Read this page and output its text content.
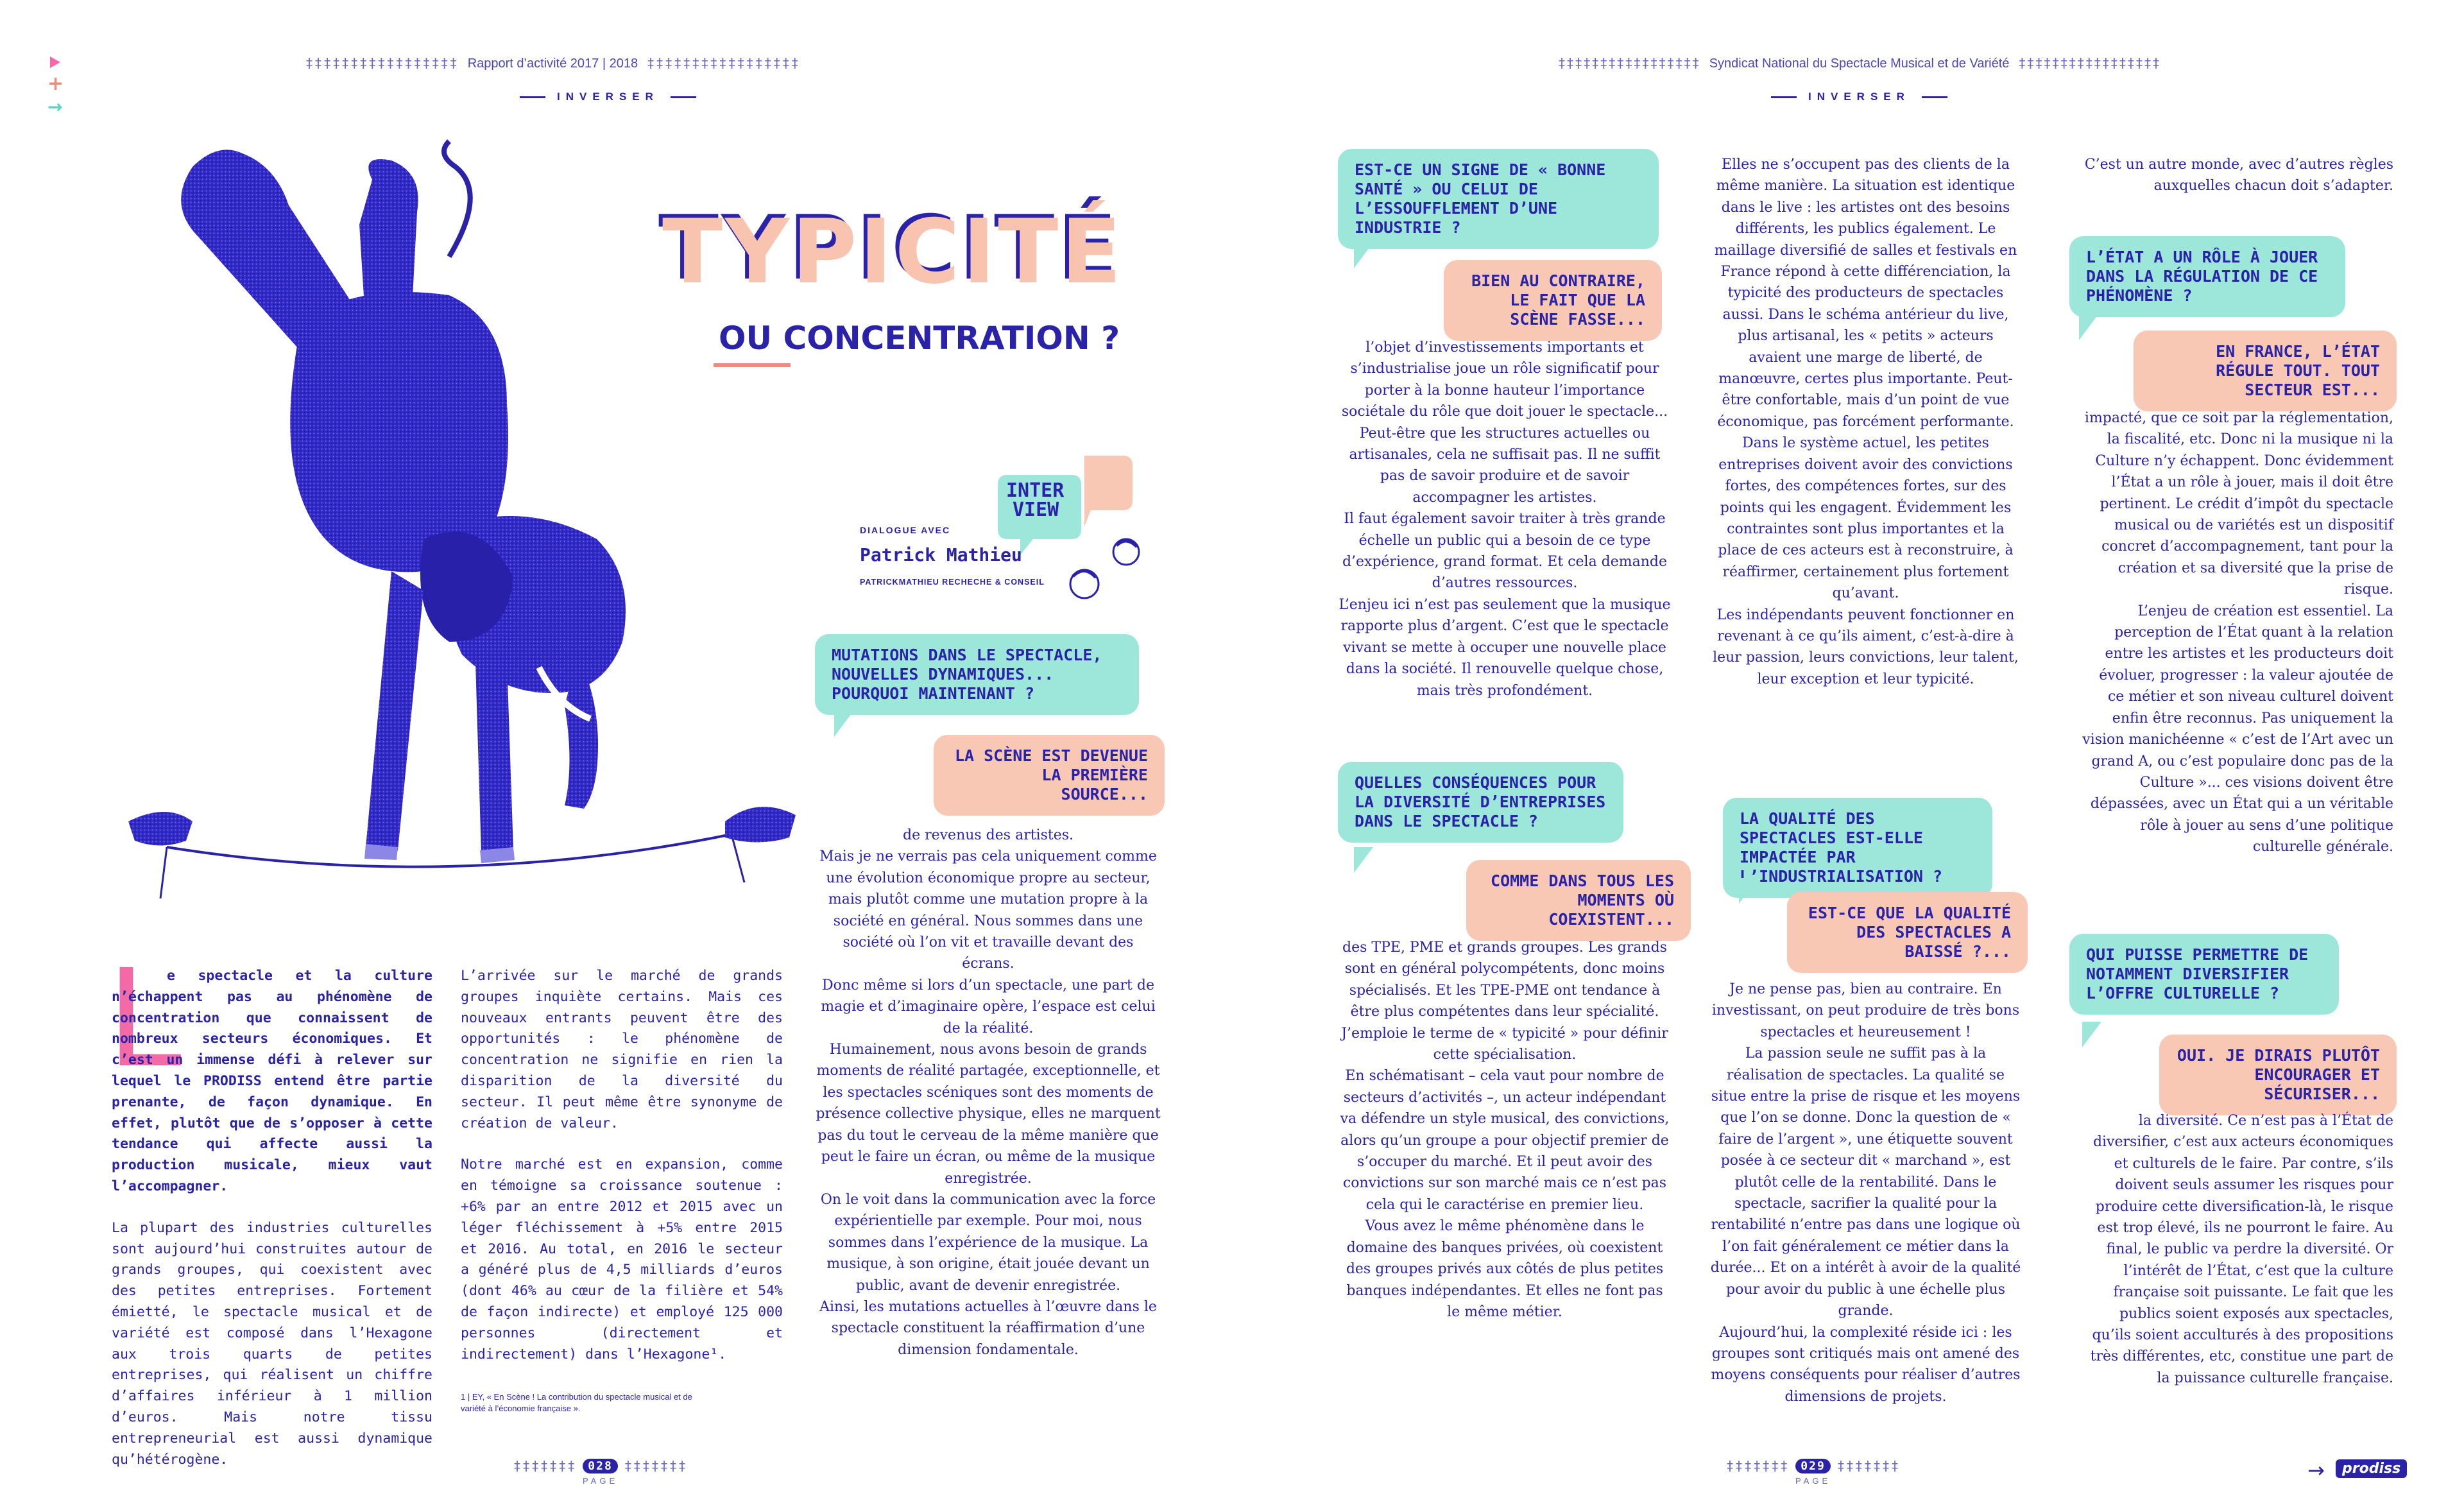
+
→
‡‡‡‡‡‡‡‡‡‡‡‡‡‡‡‡‡ Rapport d’activité 2017 | 2018 ‡‡‡‡‡‡‡‡‡‡‡‡‡‡‡‡‡	‡‡‡‡‡‡‡‡‡‡‡‡‡‡‡‡‡ Syndicat National du Spectacle Musical et de Variété ‡‡‡‡‡‡‡‡‡‡‡‡‡‡‡‡‡
INVERSER	INVERSER
TYPICITÉ
OU CONCENTRATION ?
INTER
VIEW
DIALOGUE AVEC
Patrick Mathieu
PATRICKMATHIEU RECHECHE & CONSEIL
L

e spectacle et la culture n’échappent pas au phénomène de concentration que connaissent de nombreux secteurs économiques. Et c’est un immense défi à relever sur lequel le PRODISS entend être partie prenante, de façon dynamique. En effet, plutôt que de s’opposer à cette tendance qui affecte aussi la production musicale, mieux vaut l’accompagner.

La plupart des industries culturelles sont aujourd’hui construites autour de grands groupes, qui coexistent avec des petites entreprises. Fortement émietté, le spectacle musical et de variété est composé dans l’Hexagone aux trois quarts de petites entreprises, qui réalisent un chiffre d’affaires inférieur à 1 million d’euros. Mais notre tissu entrepreneurial est aussi dynamique qu’hétérogène.

L’arrivée sur le marché de grands groupes inquiète certains. Mais ces nouveaux entrants peuvent être des opportunités : le phénomène de concentration ne signifie en rien la disparition de la diversité du secteur. Il peut même être synonyme de création de valeur.

Notre marché est en expansion, comme en témoigne sa croissance soutenue : +6% par an entre 2012 et 2015 avec un léger fléchissement à +5% entre 2015 et 2016. Au total, en 2016 le secteur a généré plus de 4,5 milliards d’euros (dont 46% au cœur de la filière et 54% de façon indirecte) et employé 125 000 personnes (directement et indirectement) dans l’Hexagone¹.

1 | EY, « En Scène ! La contribution du spectacle musical et de variété à l’économie française ».
MUTATIONS DANS LE SPECTACLE, NOUVELLES DYNAMIQUES... POURQUOI MAINTENANT ?
LA SCÈNE EST DEVENUE LA PREMIÈRE SOURCE...
EST-CE UN SIGNE DE « BONNE SANTÉ » OU CELUI DE L’ESSOUFFLEMENT D’UNE INDUSTRIE ?
BIEN AU CONTRAIRE, LE FAIT QUE LA SCÈNE FASSE...
QUELLES CONSÉQUENCES POUR LA DIVERSITÉ D’ENTREPRISES DANS LE SPECTACLE ?
COMME DANS TOUS LES MOMENTS OÙ COEXISTENT...
LA QUALITÉ DES SPECTACLES EST-ELLE IMPACTÉE PAR L’INDUSTRIALISATION ?
EST-CE QUE LA QUALITÉ DES SPECTACLES A BAISSÉ ?...
L’ÉTAT A UN RÔLE À JOUER DANS LA RÉGULATION DE CE PHÉNOMÈNE ?
EN FRANCE, L’ÉTAT RÉGULE TOUT. TOUT SECTEUR EST...
QUI PUISSE PERMETTRE DE NOTAMMENT DIVERSIFIER L’OFFRE CULTURELLE ?
OUI. JE DIRAIS PLUTÔT ENCOURAGER ET SÉCURISER...

de revenus des artistes.

Mais je ne verrais pas cela uniquement comme une évolution économique propre au secteur, mais plutôt comme une mutation propre à la société en général. Nous sommes dans une société où l’on vit et travaille devant des écrans.

Donc même si lors d’un spectacle, une part de magie et d’imaginaire opère, l’espace est celui de la réalité.

Humainement, nous avons besoin de grands moments de réalité partagée, exceptionnelle, et les spectacles scéniques sont des moments de présence collective physique, elles ne marquent pas du tout le cerveau de la même manière que peut le faire un écran, ou même de la musique enregistrée.

On le voit dans la communication avec la force expérientielle par exemple. Pour moi, nous sommes dans l’expérience de la musique. La musique, à son origine, était jouée devant un public, avant de devenir enregistrée.

Ainsi, les mutations actuelles à l’œuvre dans le spectacle constituent la réaffirmation d’une dimension fondamentale.

l’objet d’investissements importants et s’industrialise joue un rôle significatif pour porter à la bonne hauteur l’importance sociétale du rôle que doit jouer le spectacle... Peut-être que les structures actuelles ou artisanales, cela ne suffisait pas. Il ne suffit pas de savoir produire et de savoir accompagner les artistes.

Il faut également savoir traiter à très grande échelle un public qui a besoin de ce type d’expérience, grand format. Et cela demande d’autres ressources.

L’enjeu ici n’est pas seulement que la musique rapporte plus d’argent. C’est que le spectacle vivant se mette à occuper une nouvelle place dans la société. Il renouvelle quelque chose, mais très profondément.

Elles ne s’occupent pas des clients de la même manière. La situation est identique dans le live : les artistes ont des besoins différents, les publics également. Le maillage diversifié de salles et festivals en France répond à cette différenciation, la typicité des producteurs de spectacles aussi. Dans le schéma antérieur du live, plus artisanal, les « petits » acteurs avaient une marge de liberté, de manœuvre, certes plus importante. Peut-être confortable, mais d’un point de vue économique, pas forcément performante. Dans le système actuel, les petites entreprises doivent avoir des convictions fortes, des compétences fortes, sur des points qui les engagent. Évidemment les contraintes sont plus importantes et la place de ces acteurs est à reconstruire, à réaffirmer, certainement plus fortement qu’avant.

Les indépendants peuvent fonctionner en revenant à ce qu’ils aiment, c’est-à-dire à leur passion, leurs convictions, leur talent, leur exception et leur typicité.

des TPE, PME et grands groupes. Les grands sont en général polycompétents, donc moins spécialisés. Et les TPE-PME ont tendance à être plus compétentes dans leur spécialité. J’emploie le terme de « typicité » pour définir cette spécialisation.

En schématisant – cela vaut pour nombre de secteurs d’activités –, un acteur indépendant va défendre un style musical, des convictions, alors qu’un groupe a pour objectif premier de s’occuper du marché. Et il peut avoir des convictions sur son marché mais ce n’est pas cela qui le caractérise en premier lieu.

Vous avez le même phénomène dans le domaine des banques privées, où coexistent des groupes privés aux côtés de plus petites banques indépendantes. Et elles ne font pas le même métier.

Je ne pense pas, bien au contraire. En investissant, on peut produire de très bons spectacles et heureusement !

La passion seule ne suffit pas à la réalisation de spectacles. La qualité se situe entre la prise de risque et les moyens que l’on se donne. Donc la question de « faire de l’argent », une étiquette souvent posée à ce secteur dit « marchand », est plutôt celle de la rentabilité. Dans le spectacle, sacrifier la qualité pour la rentabilité n’entre pas dans une logique où l’on fait généralement ce métier dans la durée... Et on a intérêt à avoir de la qualité pour avoir du public à une échelle plus grande.

Aujourd’hui, la complexité réside ici : les groupes sont critiqués mais ont amené des moyens conséquents pour réaliser d’autres dimensions de projets.

C’est un autre monde, avec d’autres règles auxquelles chacun doit s’adapter.

impacté, que ce soit par la réglementation, la fiscalité, etc. Donc ni la musique ni la Culture n’y échappent. Donc évidemment l’État a un rôle à jouer, mais il doit être pertinent. Le crédit d’impôt du spectacle musical ou de variétés est un dispositif concret d’accompagnement, tant pour la création et sa diversité que la prise de risque.

L’enjeu de création est essentiel. La perception de l’État quant à la relation entre les artistes et les producteurs doit évoluer, progresser : la valeur ajoutée de ce métier et son niveau culturel doivent enfin être reconnus. Pas uniquement la vision manichéenne « c’est de l’Art avec un grand A, ou c’est populaire donc pas de la Culture »... ces visions doivent être dépassées, avec un État qui a un véritable rôle à jouer au sens d’une politique culturelle générale.

la diversité. Ce n’est pas à l’État de diversifier, c’est aux acteurs économiques et culturels de le faire. Par contre, s’ils doivent seuls assumer les risques pour produire cette diversification-là, le risque est trop élevé, ils ne pourront le faire. Au final, le public va perdre la diversité. Or l’intérêt de l’État, c’est que la culture française soit puissante. Le fait que les publics soient exposés aux spectacles, qu’ils soient acculturés à des propositions très différentes, etc, constitue une part de la puissance culturelle française.

‡‡‡‡‡‡‡	028 ‡‡‡‡‡‡‡
PAGE
‡‡‡‡‡‡‡	029 ‡‡‡‡‡‡‡
PAGE	→	prodiss
